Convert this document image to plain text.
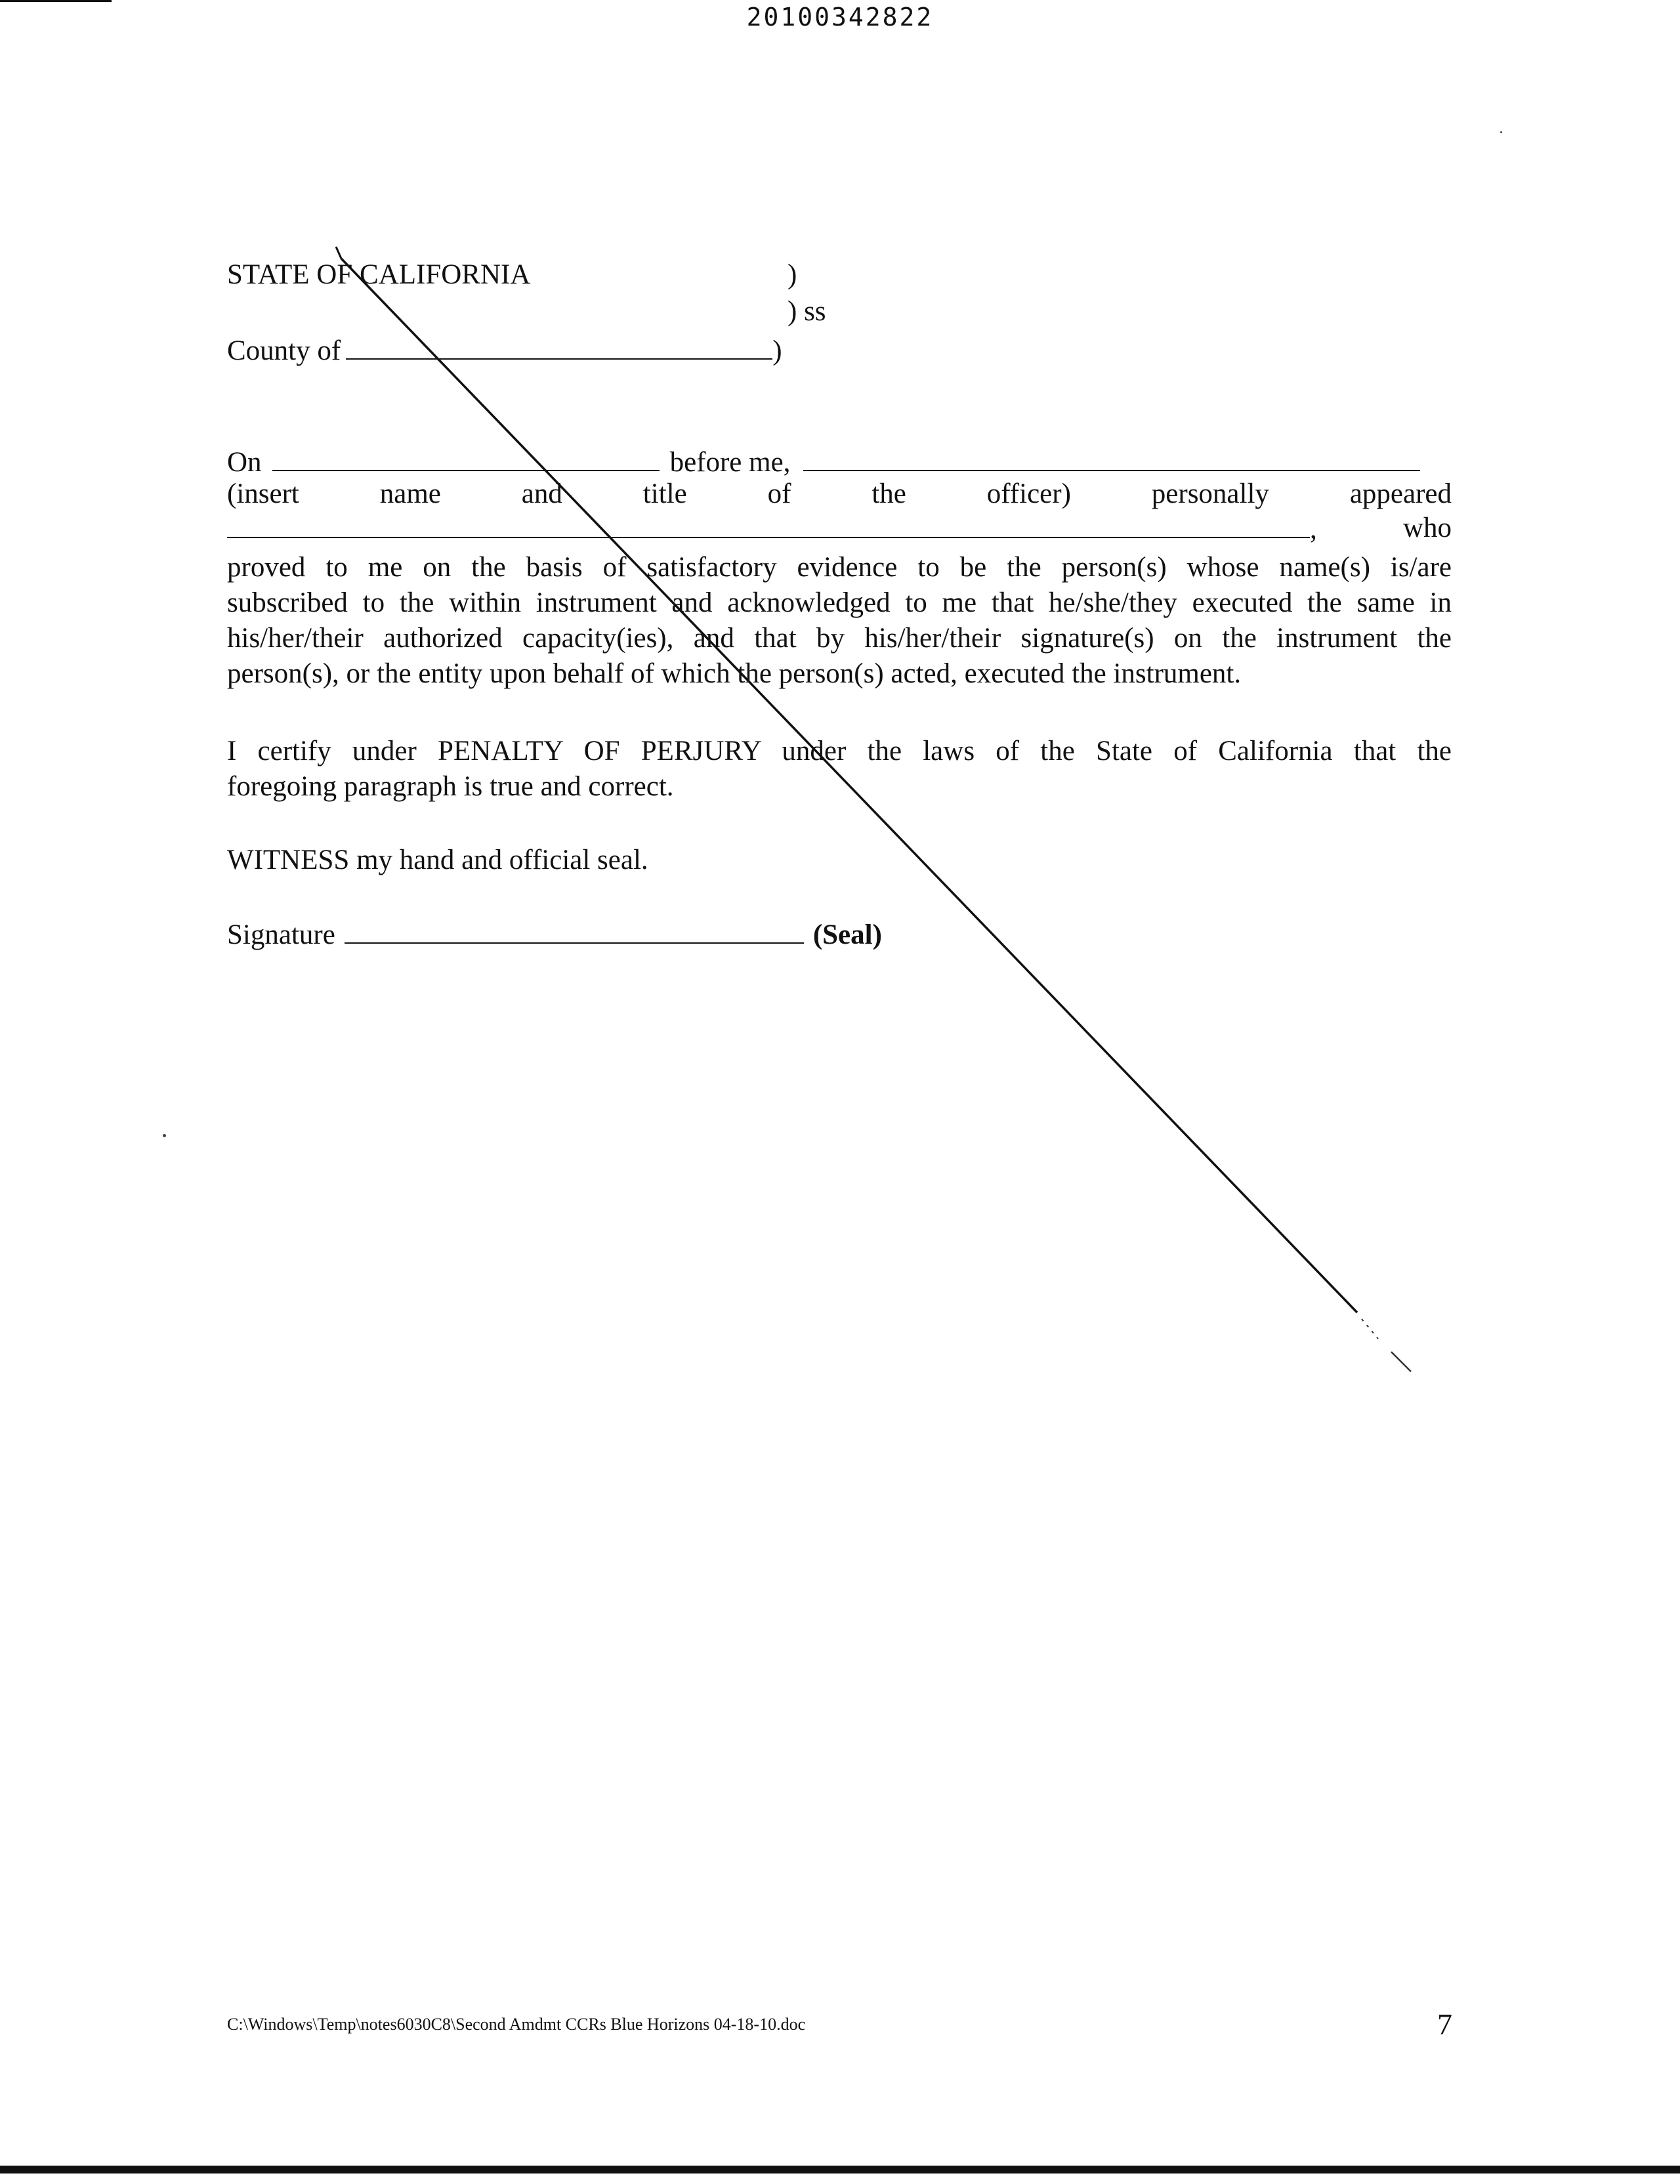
20100342822
STATE OF CALIFORNIA	)
) ss
County of	)
On	before me,
(insert	name	and	title	of	the	officer)	personally	appeared
,	who
proved to me on the basis of satisfactory evidence to be the person(s) whose name(s) is/are
subscribed to the within instrument and acknowledged to me that he/she/they executed the same in
his/her/their authorized capacity(ies), and that by his/her/their signature(s) on the instrument the
person(s), or the entity upon behalf of which the person(s) acted, executed the instrument.
I certify under PENALTY OF PERJURY under the laws of the State of California that the
foregoing paragraph is true and correct.
WITNESS my hand and official seal.
Signature	(Seal)
C:\Windows\Temp\notes6030C8\Second Amdmt CCRs Blue Horizons 04-18-10.doc	7
